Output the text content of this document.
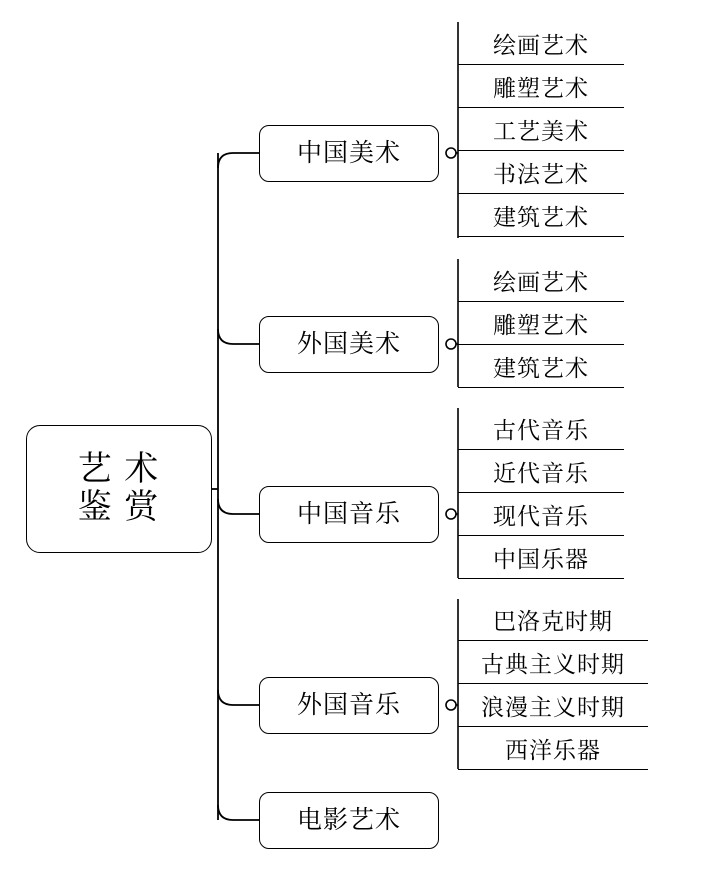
艺 术
鉴 赏
中国美术
外国美术
中国音乐
外国音乐
电影艺术
绘画艺术
雕塑艺术
工艺美术
书法艺术
建筑艺术
绘画艺术
雕塑艺术
建筑艺术
古代音乐
近代音乐
现代音乐
中国乐器
巴洛克时期
古典主义时期
浪漫主义时期
西洋乐器
